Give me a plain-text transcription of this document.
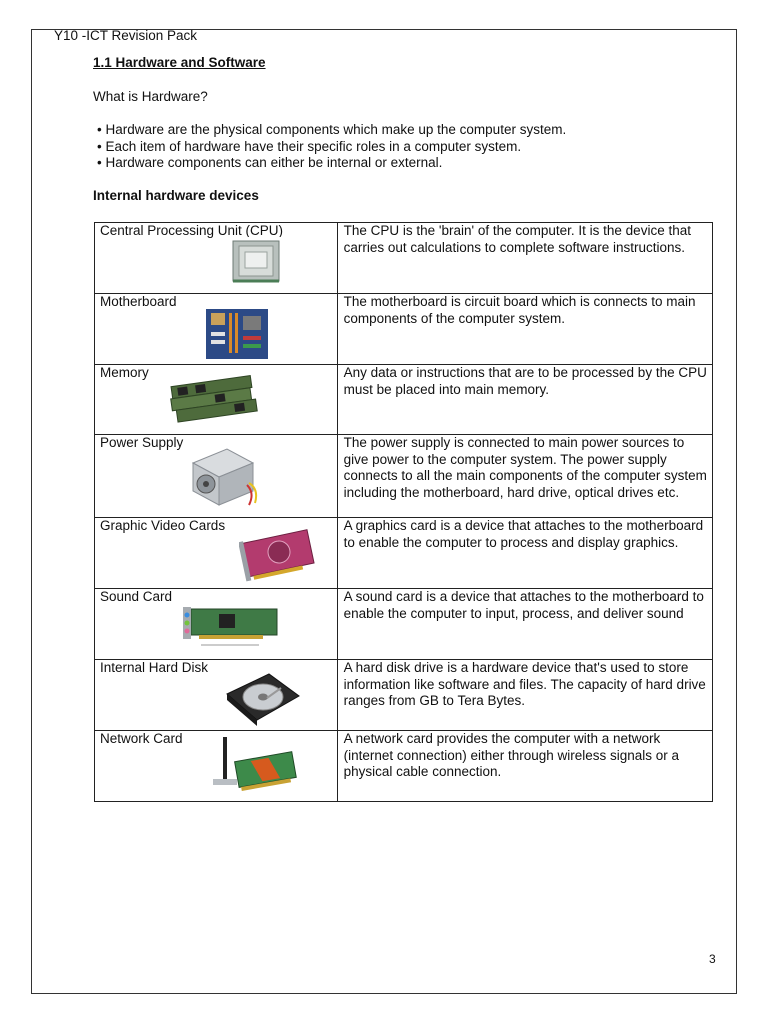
Y10 -ICT Revision Pack
1.1 Hardware and Software
What is Hardware?
• Hardware are the physical components which make up the computer system.
• Each item of hardware have their specific roles in a computer system.
• Hardware components can either be internal or external.
Internal hardware devices
Central Processing Unit (CPU)	The CPU is the 'brain' of the computer. It is the device that carries out calculations to complete software instructions.
Motherboard	The motherboard is circuit board which is connects to main components of the computer system.
Memory	Any data or instructions that are to be processed by the CPU must be placed into main memory.
Power Supply	The power supply is connected to main power sources to give power to the computer system. The power supply connects to all the main components of the computer system including the motherboard, hard drive, optical drives etc.
Graphic Video Cards	A graphics card is a device that attaches to the motherboard to enable the computer to process and display graphics.
Sound Card	A sound card is a device that attaches to the motherboard to enable the computer to input, process, and deliver sound
Internal Hard Disk	A hard disk drive is a hardware device that's used to store information like software and files. The capacity of hard drive ranges from GB to Tera Bytes.
Network Card	A network card provides the computer with a network (internet connection) either through wireless signals or a physical cable connection.
3
